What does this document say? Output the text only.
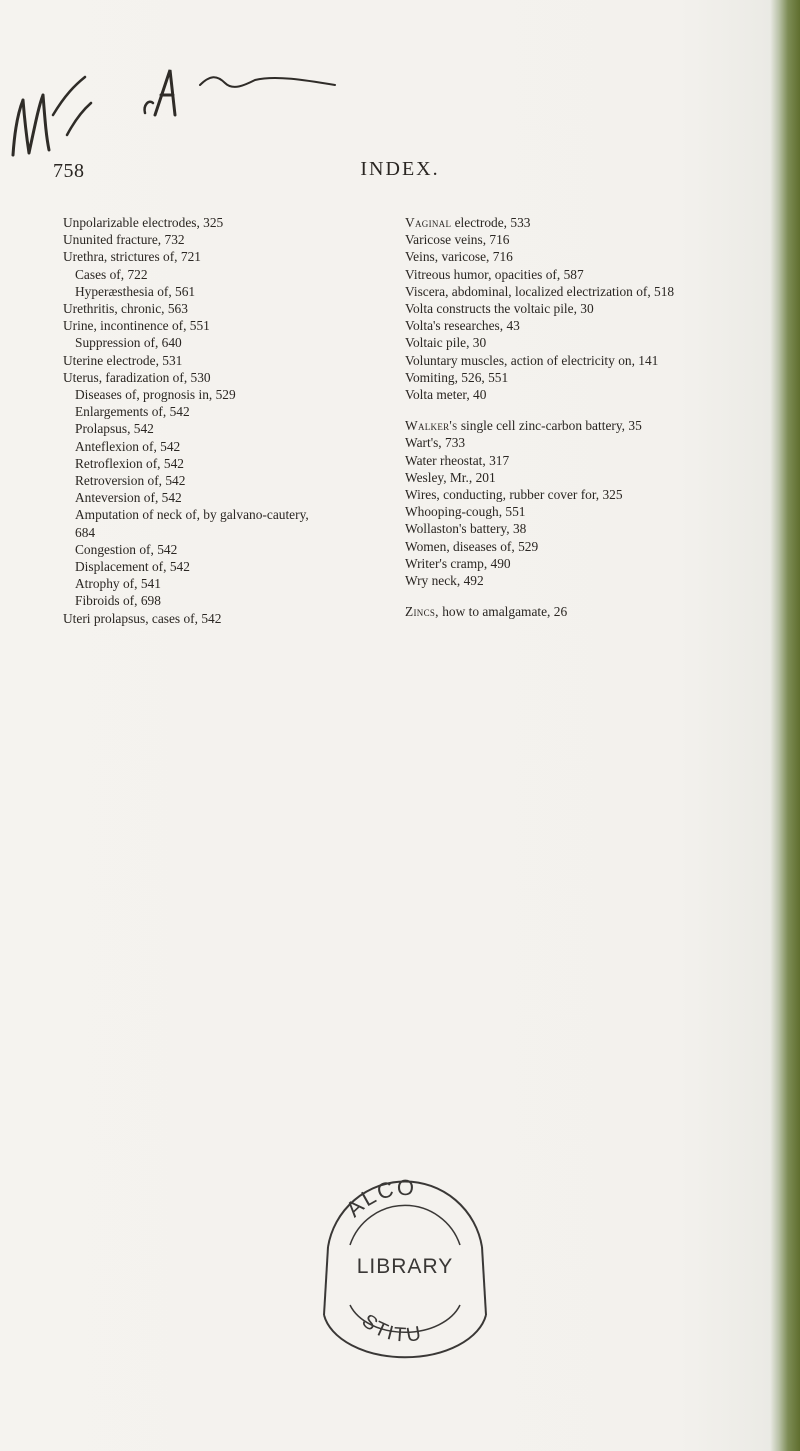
758	INDEX.
Unpolarizable electrodes, 325
Ununited fracture, 732
Urethra, strictures of, 721
Cases of, 722
Hyperæsthesia of, 561
Urethritis, chronic, 563
Urine, incontinence of, 551
Suppression of, 640
Uterine electrode, 531
Uterus, faradization of, 530
Diseases of, prognosis in, 529
Enlargements of, 542
Prolapsus, 542
Anteflexion of, 542
Retroflexion of, 542
Retroversion of, 542
Anteversion of, 542
Amputation of neck of, by galvano-cautery,
684
Congestion of, 542
Displacement of, 542
Atrophy of, 541
Fibroids of, 698
Uteri prolapsus, cases of, 542
Vaginal electrode, 533
Varicose veins, 716
Veins, varicose, 716
Vitreous humor, opacities of, 587
Viscera, abdominal, localized electrization of, 518
Volta constructs the voltaic pile, 30
Volta's researches, 43
Voltaic pile, 30
Voluntary muscles, action of electricity on, 141
Vomiting, 526, 551
Volta meter, 40
Walker's single cell zinc-carbon battery, 35
Wart's, 733
Water rheostat, 317
Wesley, Mr., 201
Wires, conducting, rubber cover for, 325
Whooping-cough, 551
Wollaston's battery, 38
Women, diseases of, 529
Writer's cramp, 490
Wry neck, 492
Zincs, how to amalgamate, 26
ALCO
STITU
LIBRARY
